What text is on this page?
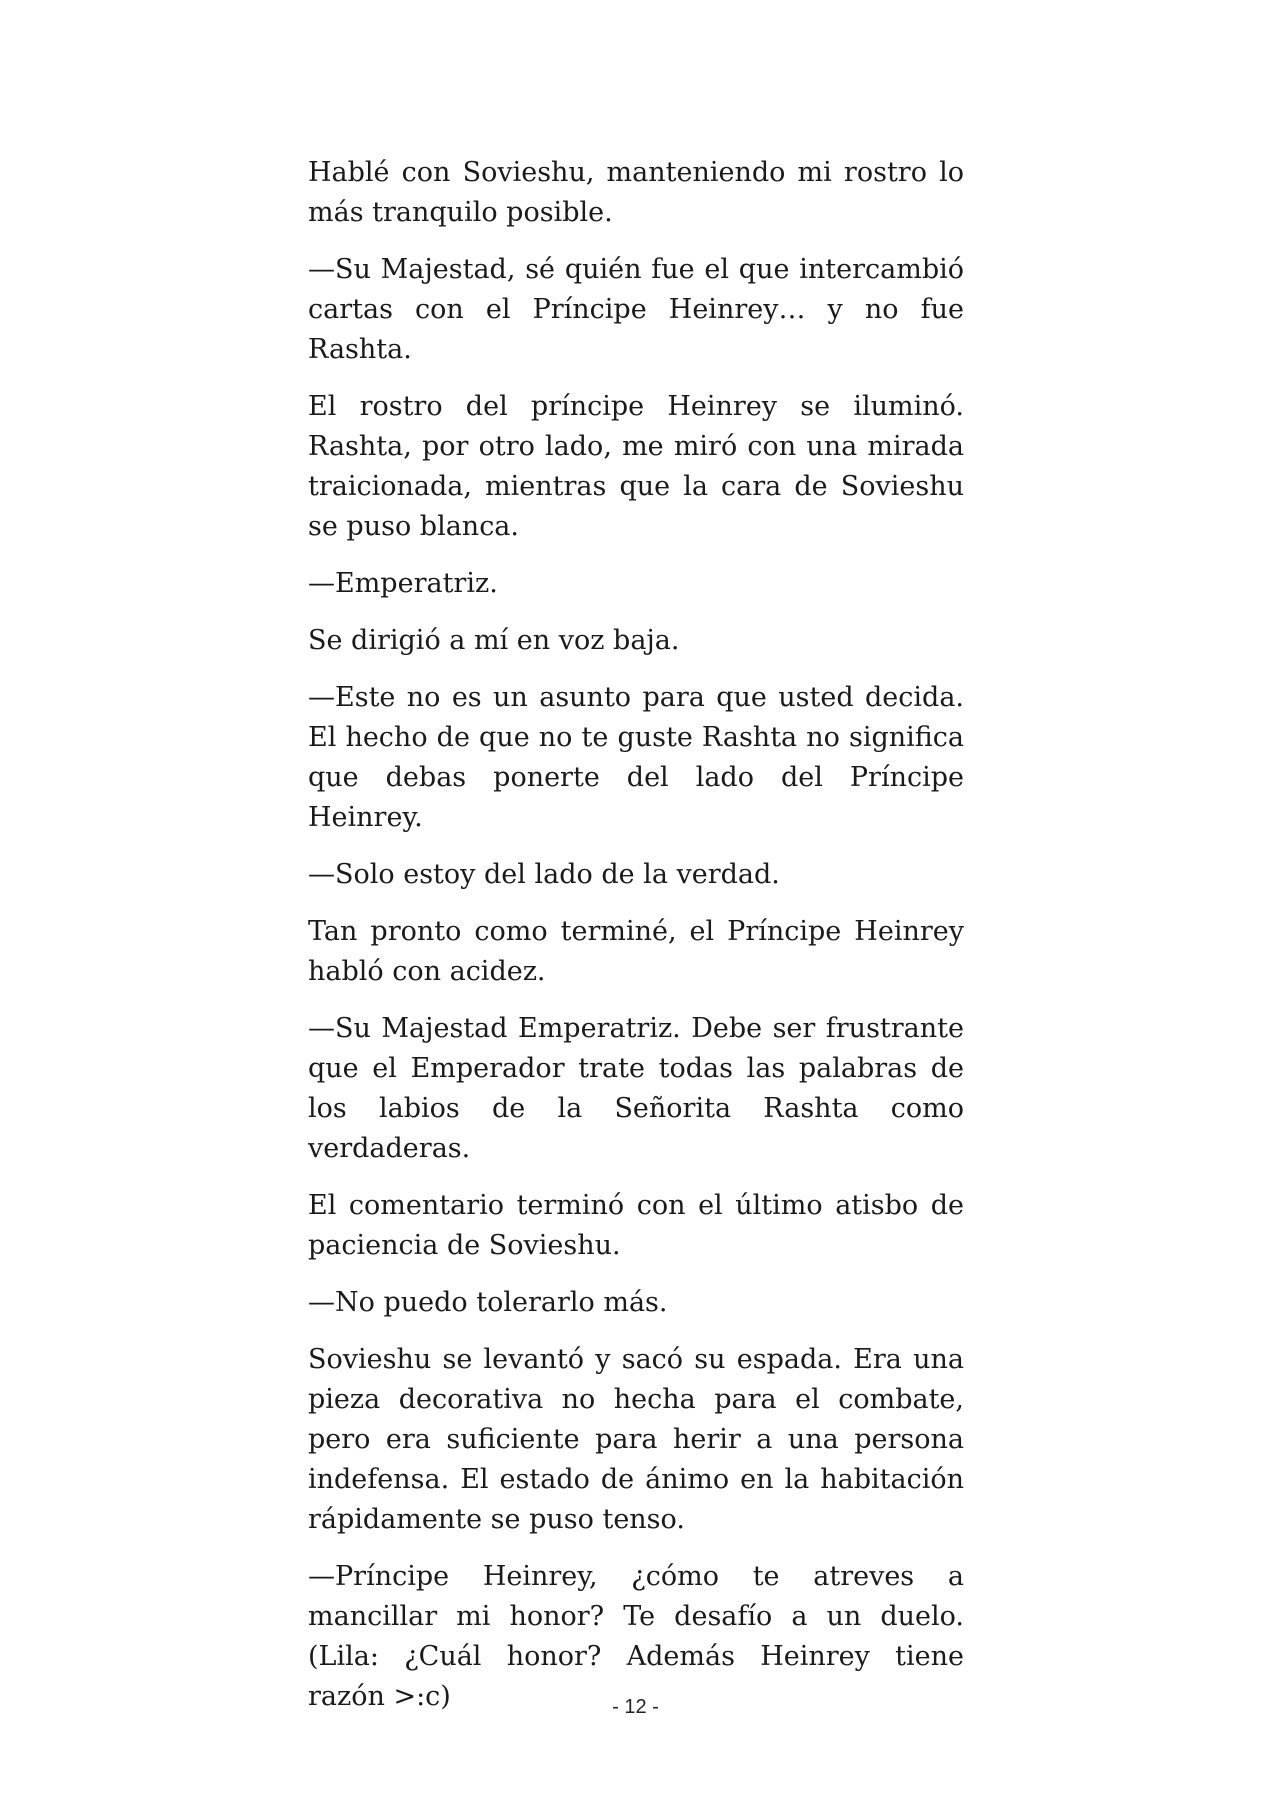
Hablé con Sovieshu, manteniendo mi rostro lo más tranquilo posible.

—Su Majestad, sé quién fue el que intercambió cartas con el Príncipe Heinrey… y no fue Rashta.

El rostro del príncipe Heinrey se iluminó. Rashta, por otro lado, me miró con una mirada traicionada, mientras que la cara de Sovieshu se puso blanca.

—Emperatriz.

Se dirigió a mí en voz baja.

—Este no es un asunto para que usted decida. El hecho de que no te guste Rashta no significa que debas ponerte del lado del Príncipe Heinrey.

—Solo estoy del lado de la verdad.

Tan pronto como terminé, el Príncipe Heinrey habló con acidez.

—Su Majestad Emperatriz. Debe ser frustrante que el Emperador trate todas las palabras de los labios de la Señorita Rashta como verdaderas.

El comentario terminó con el último atisbo de paciencia de Sovieshu.

—No puedo tolerarlo más.

Sovieshu se levantó y sacó su espada. Era una pieza decorativa no hecha para el combate, pero era suficiente para herir a una persona indefensa. El estado de ánimo en la habitación rápidamente se puso tenso.

—Príncipe Heinrey, ¿cómo te atreves a mancillar mi honor? Te desafío a un duelo. (Lila: ¿Cuál honor? Además Heinrey tiene razón >:c)	- 12 -
